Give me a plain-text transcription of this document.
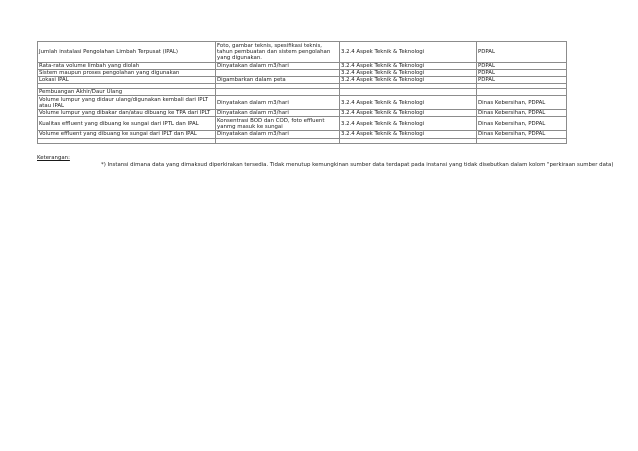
Jumlah instalasi Pengolahan Limbah Terpusat (IPAL)	Foto, gambar teknis, spesifikasi teknis, tahun pembuatan dan sistem pengolahan yang digunakan.	3.2.4 Aspek Teknik & Teknologi	PDPAL
Rata-rata volume limbah yang diolah	Dinyatakan dalam m3/hari	3.2.4 Aspek Teknik & Teknologi	PDPAL
Sistem maupun proses pengolahan yang digunakan		3.2.4 Aspek Teknik & Teknologi	PDPAL
Lokasi IPAL	Digambarkan dalam peta	3.2.4 Aspek Teknik & Teknologi	PDPAL

Pembuangan Akhir/Daur Ulang			
Volume lumpur yang didaur ulang/digunakan kembali dari IPLT atau IPAL	Dinyatakan dalam m3/hari	3.2.4 Aspek Teknik & Teknologi	Dinas Kebersihan, PDPAL
Volume lumpur yang dibakar dan/atau dibuang ke TPA dari IPLT	Dinyatakan dalam m3/hari	3.2.4 Aspek Teknik & Teknologi	Dinas Kebersihan, PDPAL
Kualitas effluent yang dibuang ke sungai dari IPTL dan IPAL	Konsentrasi BOD dan COD, foto effluent yanmg masuk ke sungai	3.2.4 Aspek Teknik & Teknologi	Dinas Kebersihan, PDPAL
Volume effluent yang dibuang ke sungai dari IPLT dan IPAL	Dinyatakan dalam m3/hari	3.2.4 Aspek Teknik & Teknologi	Dinas Kebersihan, PDPAL

Keterangan:
*) Instansi dimana data yang dimaksud diperkirakan tersedia. Tidak menutup kemungkinan sumber data terdapat pada instansi yang tidak disebutkan dalam kolom "perkiraan sumber data)
